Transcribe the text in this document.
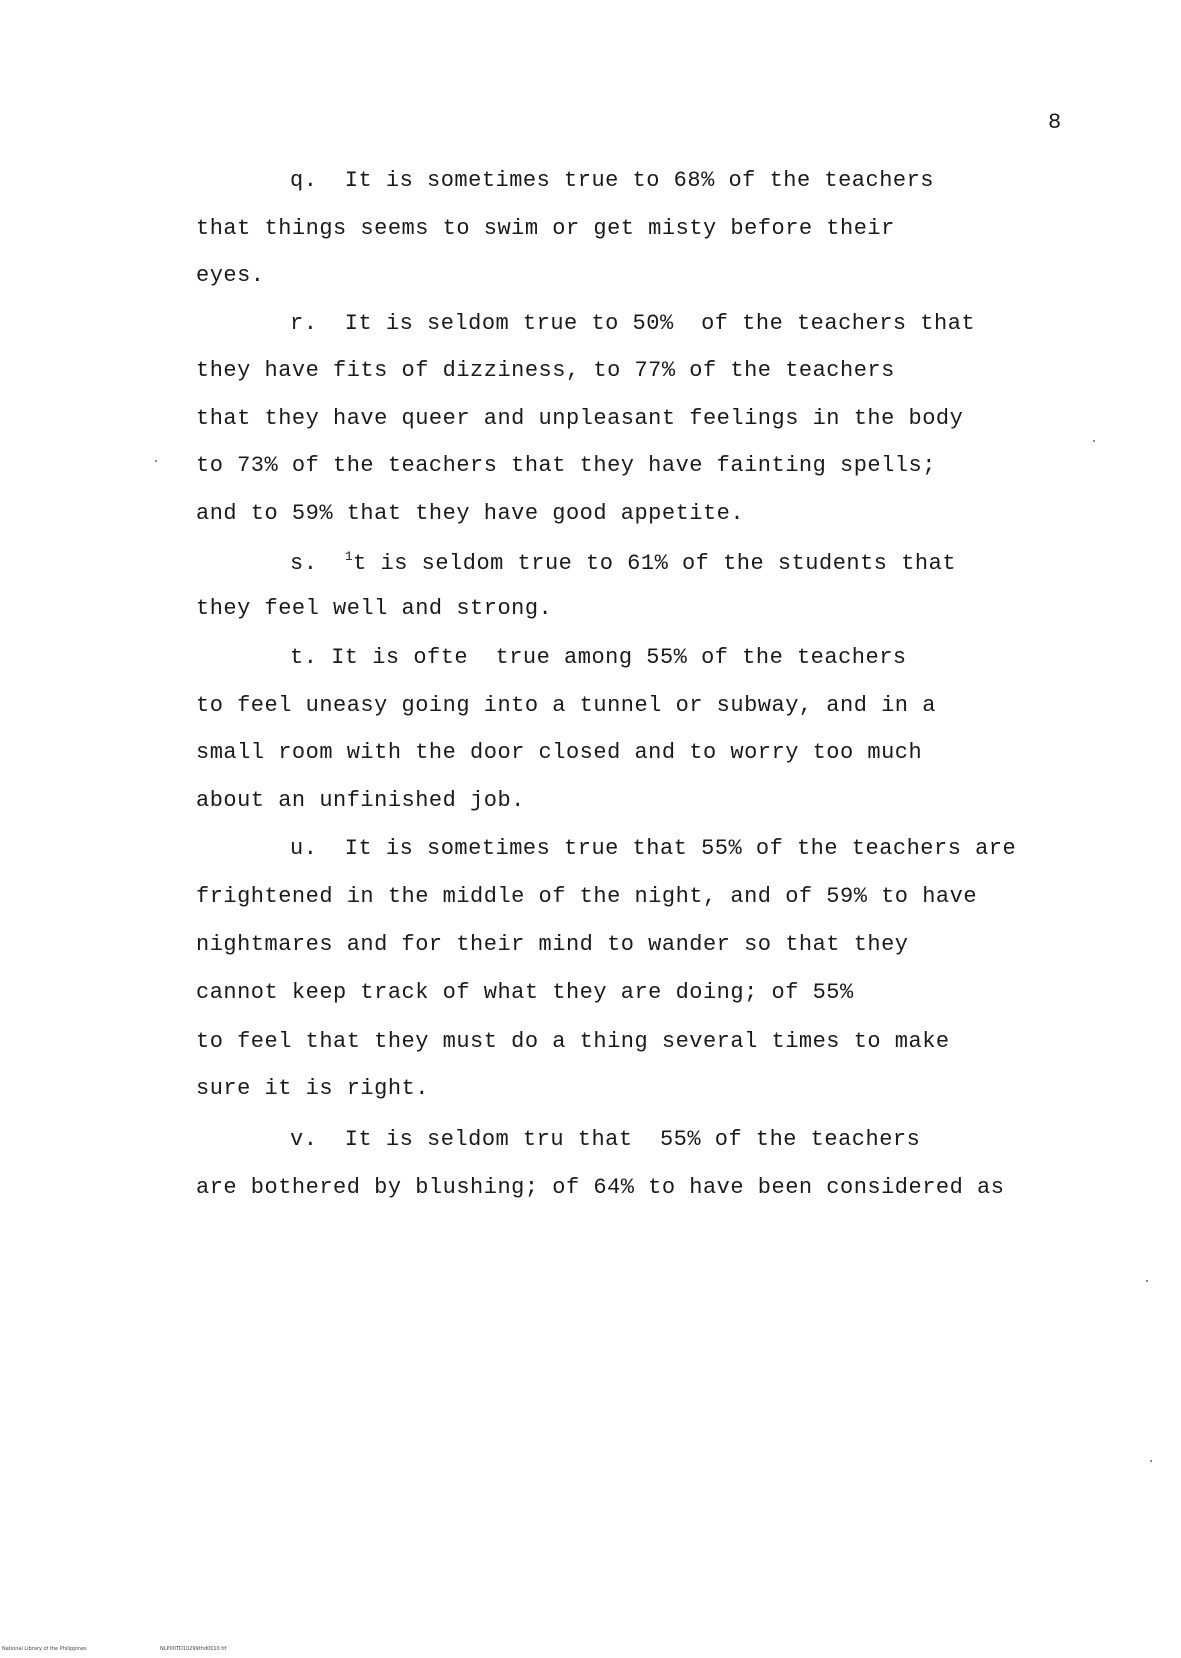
8
q.  It is sometimes true to 68% of the teachers
that things seems to swim or get misty before their
eyes.
r.  It is seldom true to 50%  of the teachers that
they have fits of dizziness, to 77% of the teachers
that they have queer and unpleasant feelings in the body
to 73% of the teachers that they have fainting spells;
and to 59% that they have good appetite.
s. $^1$t is seldom true to 61% of the students that
they feel well and strong.
t. It is ofte  true among 55% of the teachers
to feel uneasy going into a tunnel or subway, and in a
small room with the door closed and to worry too much
about an unfinished job.
u.  It is sometimes true that 55% of the teachers are
frightened in the middle of the night, and of 59% to have
nightmares and for their mind to wander so that they
cannot keep track of what they are doing; of 55%
to feel that they must do a thing several times to make
sure it is right.
v.  It is seldom tru that  55% of the teachers
are bothered by blushing; of 64% to have been considered as
National Library of the Philippines	NLP00TD10299thd0010.tif
